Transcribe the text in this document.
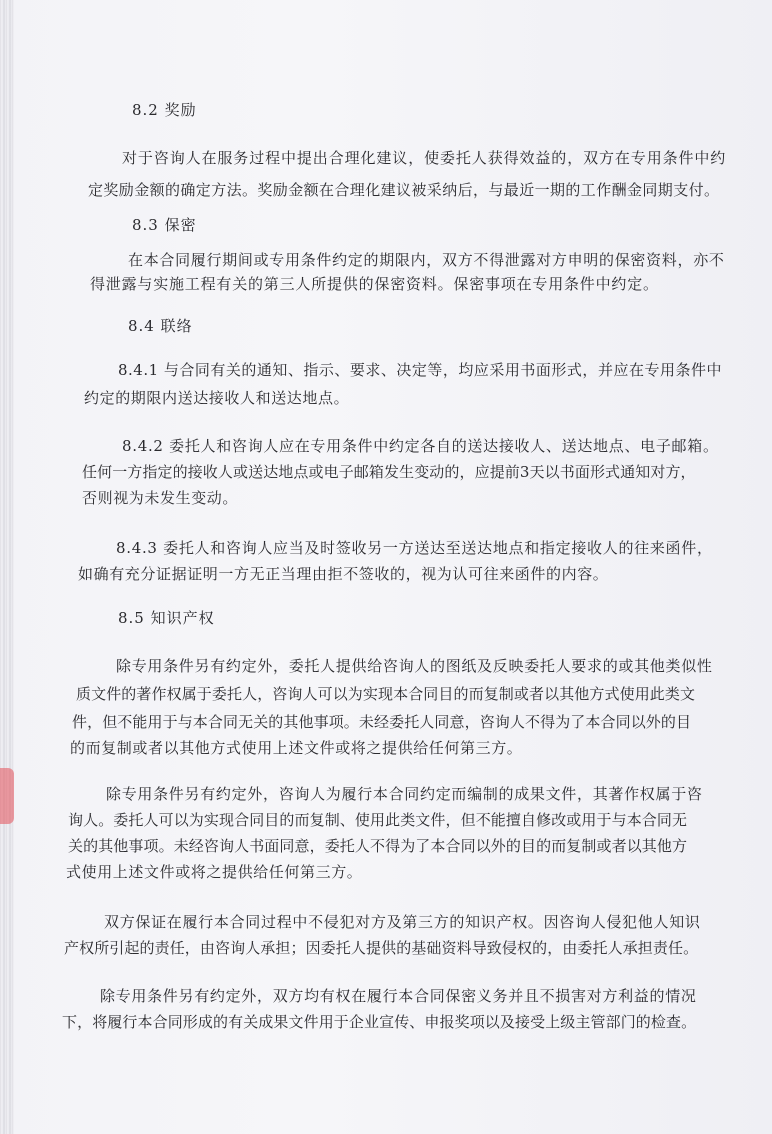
8.2 奖励
对于咨询人在服务过程中提出合理化建议，使委托人获得效益的，双方在专用条件中约
定奖励金额的确定方法。奖励金额在合理化建议被采纳后，与最近一期的工作酬金同期支付。
8.3 保密
在本合同履行期间或专用条件约定的期限内，双方不得泄露对方申明的保密资料，亦不
得泄露与实施工程有关的第三人所提供的保密资料。保密事项在专用条件中约定。
8.4 联络
8.4.1 与合同有关的通知、指示、要求、决定等，均应采用书面形式，并应在专用条件中
约定的期限内送达接收人和送达地点。
8.4.2 委托人和咨询人应在专用条件中约定各自的送达接收人、送达地点、电子邮箱。
任何一方指定的接收人或送达地点或电子邮箱发生变动的，应提前3天以书面形式通知对方，
否则视为未发生变动。
8.4.3 委托人和咨询人应当及时签收另一方送达至送达地点和指定接收人的往来函件，
如确有充分证据证明一方无正当理由拒不签收的，视为认可往来函件的内容。
8.5 知识产权
除专用条件另有约定外，委托人提供给咨询人的图纸及反映委托人要求的或其他类似性
质文件的著作权属于委托人，咨询人可以为实现本合同目的而复制或者以其他方式使用此类文
件，但不能用于与本合同无关的其他事项。未经委托人同意，咨询人不得为了本合同以外的目
的而复制或者以其他方式使用上述文件或将之提供给任何第三方。
除专用条件另有约定外，咨询人为履行本合同约定而编制的成果文件，其著作权属于咨
询人。委托人可以为实现合同目的而复制、使用此类文件，但不能擅自修改或用于与本合同无
关的其他事项。未经咨询人书面同意，委托人不得为了本合同以外的目的而复制或者以其他方
式使用上述文件或将之提供给任何第三方。
双方保证在履行本合同过程中不侵犯对方及第三方的知识产权。因咨询人侵犯他人知识
产权所引起的责任，由咨询人承担；因委托人提供的基础资料导致侵权的，由委托人承担责任。
除专用条件另有约定外，双方均有权在履行本合同保密义务并且不损害对方利益的情况
下，将履行本合同形成的有关成果文件用于企业宣传、申报奖项以及接受上级主管部门的检查。
